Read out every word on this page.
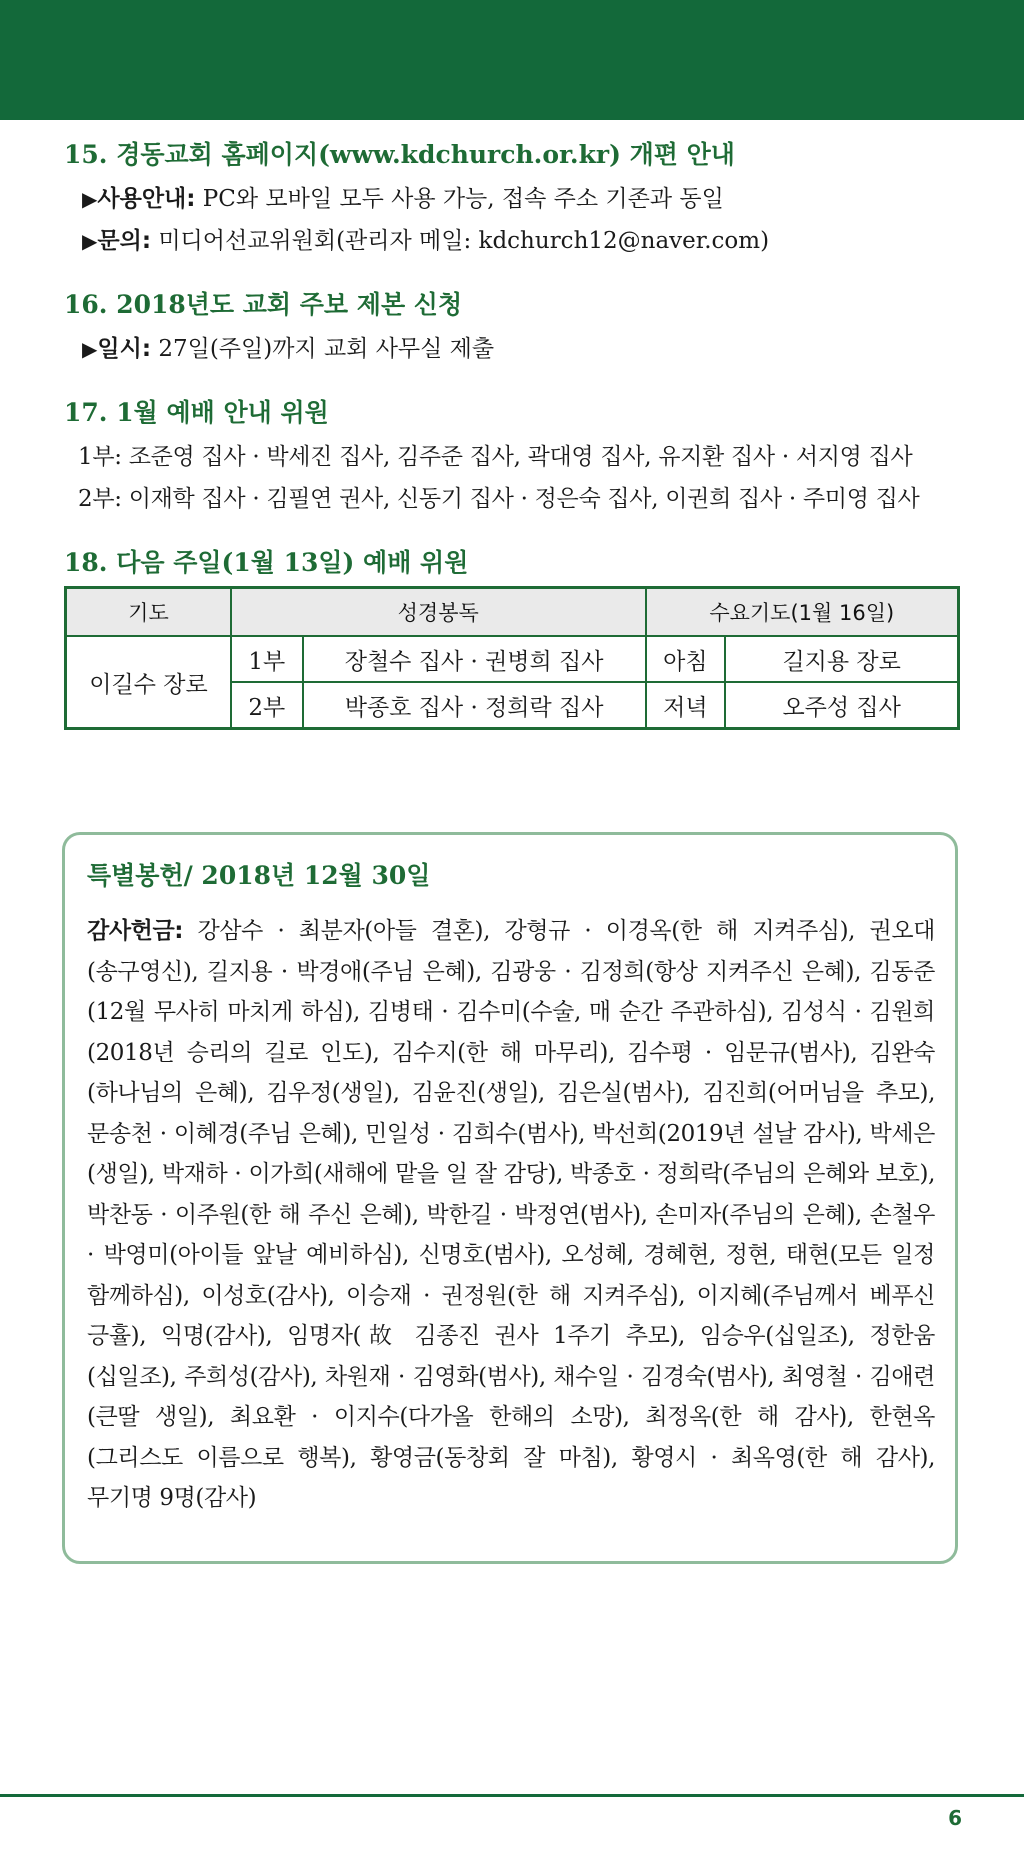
15. 경동교회 홈페이지(www.kdchurch.or.kr) 개편 안내
▶사용안내: PC와 모바일 모두 사용 가능, 접속 주소 기존과 동일
▶문의: 미디어선교위원회(관리자 메일: kdchurch12@naver.com)
16. 2018년도 교회 주보 제본 신청
▶일시: 27일(주일)까지 교회 사무실 제출
17. 1월 예배 안내 위원
1부: 조준영 집사 · 박세진 집사, 김주준 집사, 곽대영 집사, 유지환 집사 · 서지영 집사
2부: 이재학 집사 · 김필연 권사, 신동기 집사 · 정은숙 집사, 이권희 집사 · 주미영 집사
18. 다음 주일(1월 13일) 예배 위원
기도	성경봉독		수요기도(1월 16일)	
이길수 장로	1부	장철수 집사 · 권병희 집사	아침	길지용 장로
	2부	박종호 집사 · 정희락 집사	저녁	오주성 집사
특별봉헌/ 2018년 12월 30일
감사헌금: 강삼수 · 최분자(아들 결혼), 강형규 · 이경옥(한 해 지켜주심), 권오대(송구영신), 길지용 · 박경애(주님 은혜), 김광웅 · 김정희(항상 지켜주신 은혜), 김동준(12월 무사히 마치게 하심), 김병태 · 김수미(수술, 매 순간 주관하심), 김성식 · 김원희(2018년 승리의 길로 인도), 김수지(한 해 마무리), 김수평 · 임문규(범사), 김완숙(하나님의 은혜), 김우정(생일), 김윤진(생일), 김은실(범사), 김진희(어머님을 추모), 문송천 · 이혜경(주님 은혜), 민일성 · 김희수(범사), 박선희(2019년 설날 감사), 박세은(생일), 박재하 · 이가희(새해에 맡을 일 잘 감당), 박종호 · 정희락(주님의 은혜와 보호), 박찬동 · 이주원(한 해 주신 은혜), 박한길 · 박정연(범사), 손미자(주님의 은혜), 손철우 · 박영미(아이들 앞날 예비하심), 신명호(범사), 오성혜, 경혜현, 정현, 태현(모든 일정 함께하심), 이성호(감사), 이승재 · 권정원(한 해 지켜주심), 이지혜(주님께서 베푸신 긍휼), 익명(감사), 임명자(故 김종진 권사 1주기 추모), 임승우(십일조), 정한움(십일조), 주희성(감사), 차원재 · 김영화(범사), 채수일 · 김경숙(범사), 최영철 · 김애련(큰딸 생일), 최요환 · 이지수(다가올 한해의 소망), 최정옥(한 해 감사), 한현옥(그리스도 이름으로 행복), 황영금(동창회 잘 마침), 황영시 · 최옥영(한 해 감사), 무기명 9명(감사)
6
